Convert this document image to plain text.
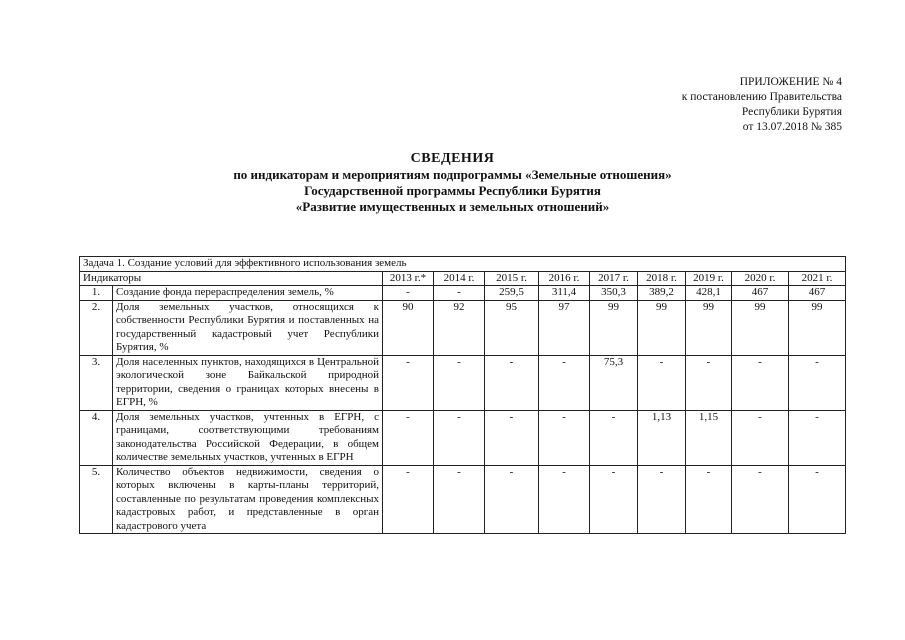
ПРИЛОЖЕНИЕ № 4
к постановлению Правительства
Республики Бурятия
от 13.07.2018 № 385
СВЕДЕНИЯ
по индикаторам и мероприятиям подпрограммы «Земельные отношения»
Государственной программы Республики Бурятия
«Развитие имущественных и земельных отношений»
Задача 1. Создание условий для эффективного использования земель										
Индикаторы		2013 г.*	2014 г.	2015 г.	2016 г.	2017 г.	2018 г.	2019 г.	2020 г.	2021 г.
1.	Создание фонда перераспределения земель, %	-	-	259,5	311,4	350,3	389,2	428,1	467	467
2.	Доля земельных участков, относящихся к собственности Республики Бурятия и поставленных на государственный кадастровый учет Республики Бурятия, %	90	92	95	97	99	99	99	99	99
3.	Доля населенных пунктов, находящихся в Центральной экологической зоне Байкальской природной территории, сведения о границах которых внесены в ЕГРН, %	-	-	-	-	75,3	-	-	-	-
4.	Доля земельных участков, учтенных в ЕГРН, с границами, соответствующими требованиям законодательства Российской Федерации, в общем количестве земельных участков, учтенных в ЕГРН	-	-	-	-	-	1,13	1,15	-	-
5.	Количество объектов недвижимости, сведения о которых включены в карты-планы территорий, составленные по результатам проведения комплексных кадастровых работ, и представленные в орган кадастрового учета	-	-	-	-	-	-	-	-	-
